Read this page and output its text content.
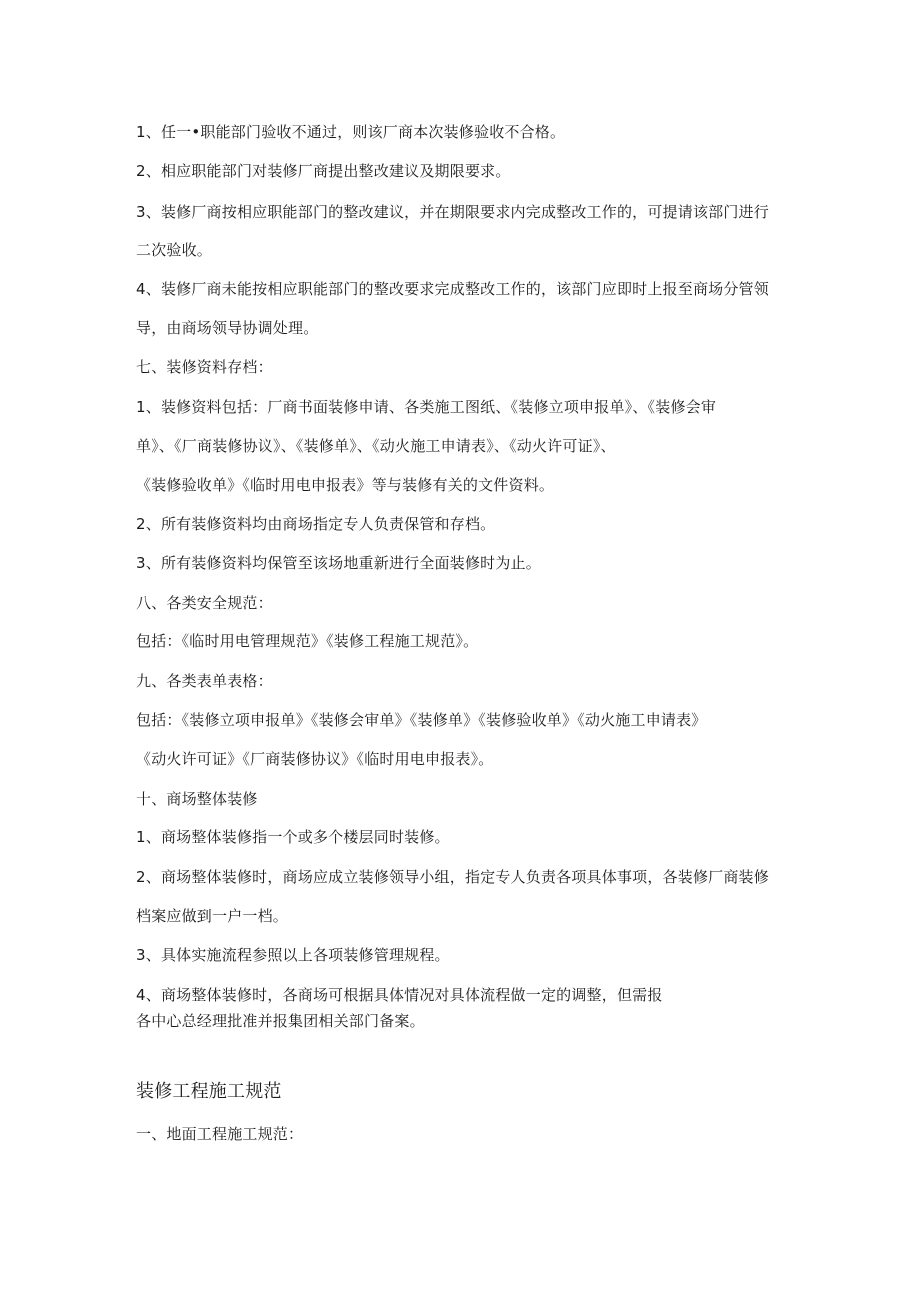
1、任一•职能部门验收不通过，则该厂商本次装修验收不合格。
2、相应职能部门对装修厂商提出整改建议及期限要求。
3、装修厂商按相应职能部门的整改建议，并在期限要求内完成整改工作的，可提请该部门进行
二次验收。
4、装修厂商未能按相应职能部门的整改要求完成整改工作的，该部门应即时上报至商场分管领
导，由商场领导协调处理。
七、装修资料存档：
1、装修资料包括：厂商书面装修申请、各类施工图纸、《装修立项申报单》、《装修会审
单》、《厂商装修协议》、《装修单》、《动火施工申请表》、《动火许可证》、
《装修验收单》《临时用电申报表》等与装修有关的文件资料。
2、所有装修资料均由商场指定专人负责保管和存档。
3、所有装修资料均保管至该场地重新进行全面装修时为止。
八、各类安全规范：
包括：《临时用电管理规范》《装修工程施工规范》。
九、各类表单表格：
包括：《装修立项申报单》《装修会审单》《装修单》《装修验收单》《动火施工申请表》
《动火许可证》《厂商装修协议》《临时用电申报表》。
十、商场整体装修
1、商场整体装修指一个或多个楼层同时装修。
2、商场整体装修时，商场应成立装修领导小组，指定专人负责各项具体事项，各装修厂商装修
档案应做到一户一档。
3、具体实施流程参照以上各项装修管理规程。
4、商场整体装修时，各商场可根据具体情况对具体流程做一定的调整，但需报
各中心总经理批准并报集团相关部门备案。
装修工程施工规范
一、地面工程施工规范：
